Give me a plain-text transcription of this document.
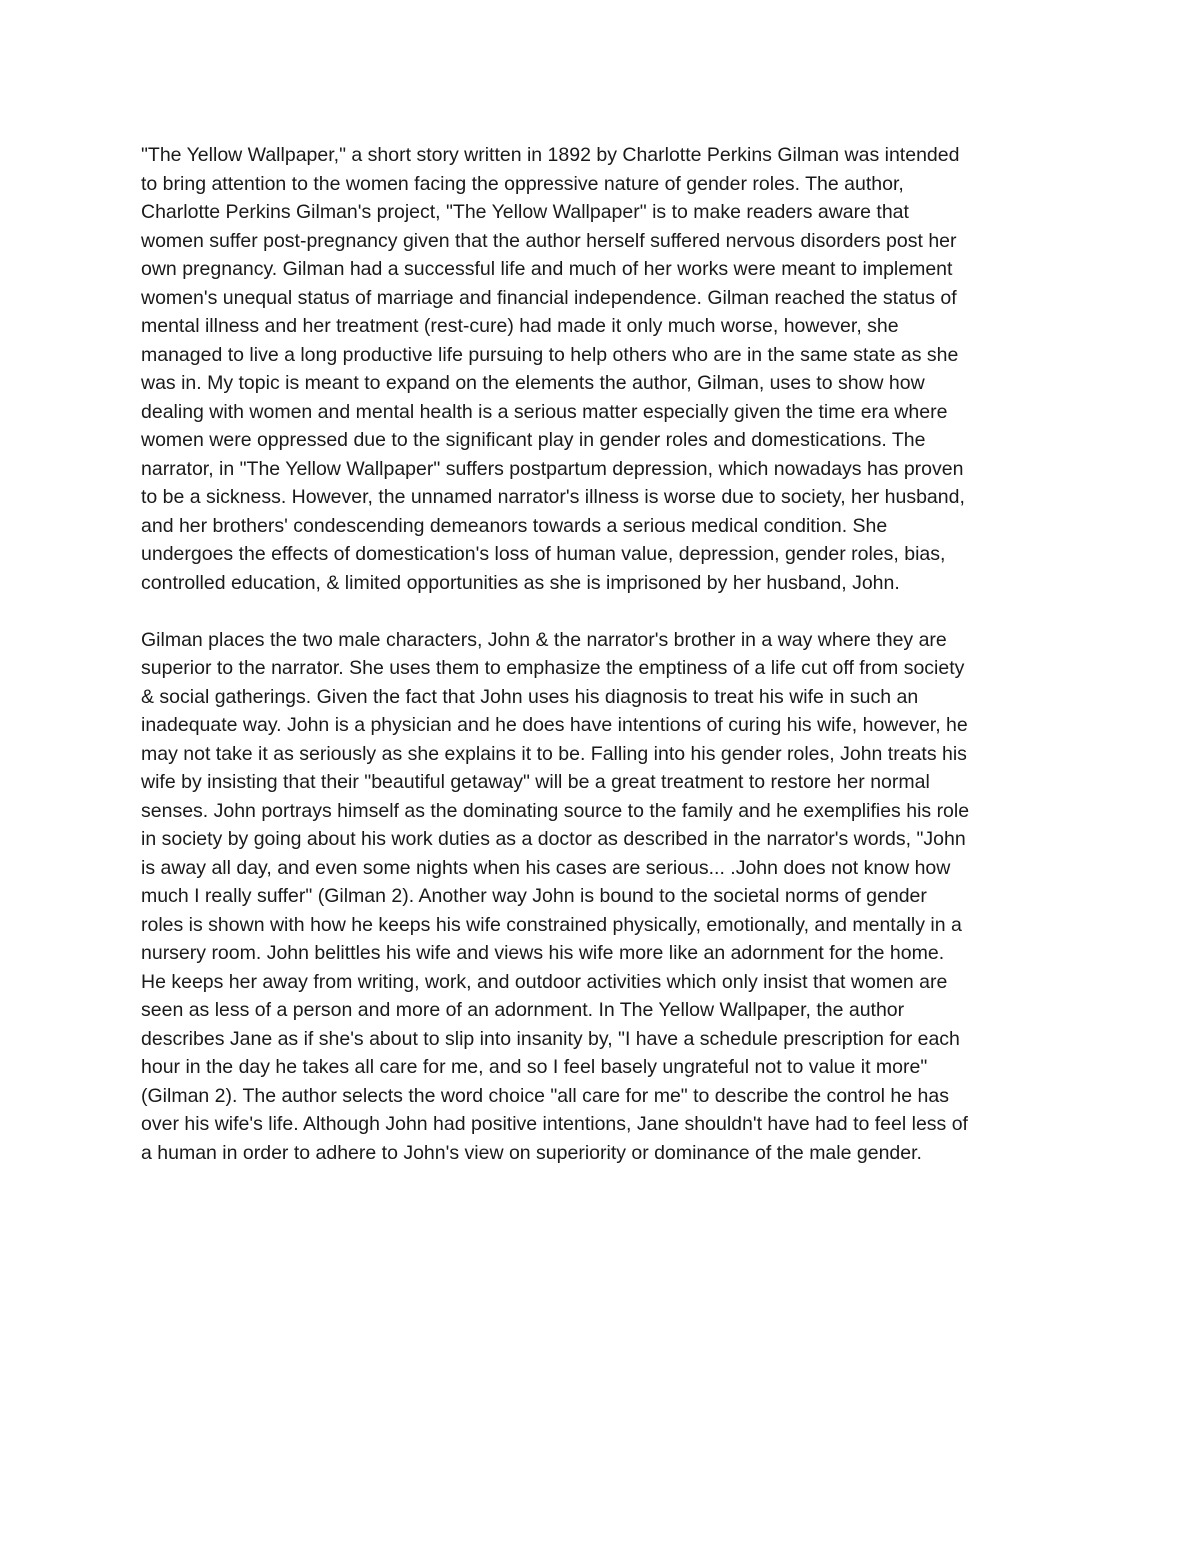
"The Yellow Wallpaper," a short story written in 1892 by Charlotte Perkins Gilman was intended
to bring attention to the women facing the oppressive nature of gender roles. The author,
Charlotte Perkins Gilman's project, "The Yellow Wallpaper" is to make readers aware that
women suffer post-pregnancy given that the author herself suffered nervous disorders post her
own pregnancy. Gilman had a successful life and much of her works were meant to implement
women's unequal status of marriage and financial independence. Gilman reached the status of
mental illness and her treatment (rest-cure) had made it only much worse, however, she
managed to live a long productive life pursuing to help others who are in the same state as she
was in. My topic is meant to expand on the elements the author, Gilman, uses to show how
dealing with women and mental health is a serious matter especially given the time era where
women were oppressed due to the significant play in gender roles and domestications. The
narrator, in "The Yellow Wallpaper" suffers postpartum depression, which nowadays has proven
to be a sickness. However, the unnamed narrator's illness is worse due to society, her husband,
and her brothers' condescending demeanors towards a serious medical condition. She
undergoes the effects of domestication's loss of human value, depression, gender roles, bias,
controlled education, & limited opportunities as she is imprisoned by her husband, John.
Gilman places the two male characters, John & the narrator's brother in a way where they are
superior to the narrator. She uses them to emphasize the emptiness of a life cut off from society
& social gatherings. Given the fact that John uses his diagnosis to treat his wife in such an
inadequate way. John is a physician and he does have intentions of curing his wife, however, he
may not take it as seriously as she explains it to be. Falling into his gender roles, John treats his
wife by insisting that their "beautiful getaway" will be a great treatment to restore her normal
senses. John portrays himself as the dominating source to the family and he exemplifies his role
in society by going about his work duties as a doctor as described in the narrator's words, "John
is away all day, and even some nights when his cases are serious... .John does not know how
much I really suffer" (Gilman 2). Another way John is bound to the societal norms of gender
roles is shown with how he keeps his wife constrained physically, emotionally, and mentally in a
nursery room. John belittles his wife and views his wife more like an adornment for the home.
He keeps her away from writing, work, and outdoor activities which only insist that women are
seen as less of a person and more of an adornment. In The Yellow Wallpaper, the author
describes Jane as if she's about to slip into insanity by, "I have a schedule prescription for each
hour in the day he takes all care for me, and so I feel basely ungrateful not to value it more"
(Gilman 2). The author selects the word choice "all care for me" to describe the control he has
over his wife's life. Although John had positive intentions, Jane shouldn't have had to feel less of
a human in order to adhere to John's view on superiority or dominance of the male gender.
